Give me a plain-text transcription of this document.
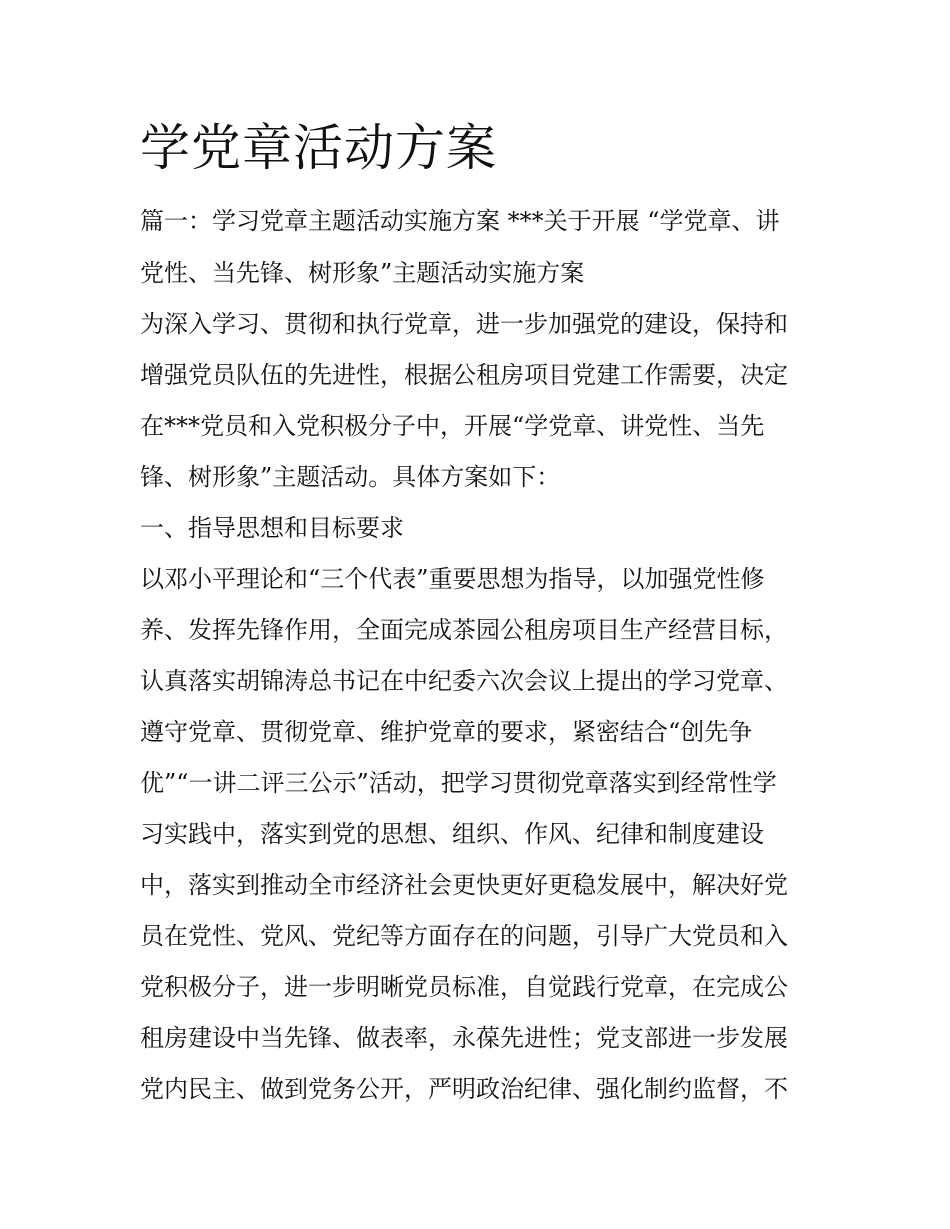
学党章活动方案
篇一：学习党章主题活动实施方案 ***关于开展 “学党章、讲
党性、当先锋、树形象”主题活动实施方案
为深入学习、贯彻和执行党章，进一步加强党的建设，保持和
增强党员队伍的先进性，根据公租房项目党建工作需要，决定
在***党员和入党积极分子中，开展“学党章、讲党性、当先
锋、树形象”主题活动。具体方案如下：
一、指导思想和目标要求
以邓小平理论和“三个代表”重要思想为指导，以加强党性修
养、发挥先锋作用，全面完成茶园公租房项目生产经营目标，
认真落实胡锦涛总书记在中纪委六次会议上提出的学习党章、
遵守党章、贯彻党章、维护党章的要求，紧密结合“创先争
优”“一讲二评三公示”活动，把学习贯彻党章落实到经常性学
习实践中，落实到党的思想、组织、作风、纪律和制度建设
中，落实到推动全市经济社会更快更好更稳发展中，解决好党
员在党性、党风、党纪等方面存在的问题，引导广大党员和入
党积极分子，进一步明晰党员标准，自觉践行党章，在完成公
租房建设中当先锋、做表率，永葆先进性；党支部进一步发展
党内民主、做到党务公开，严明政治纪律、强化制约监督，不
